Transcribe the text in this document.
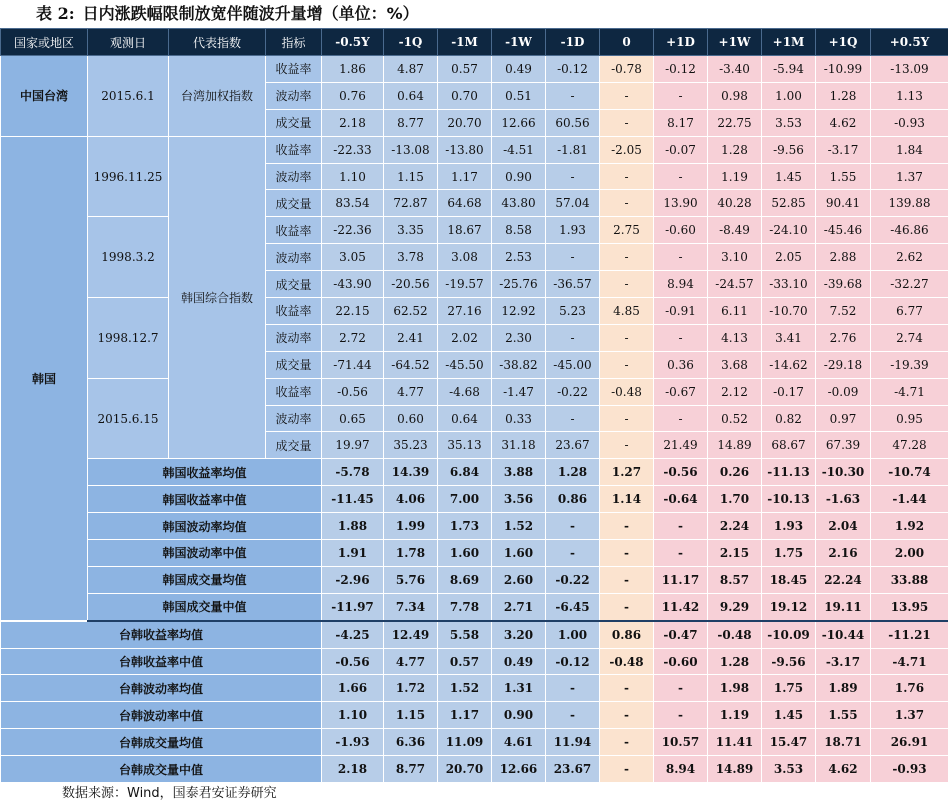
表 2: 日内涨跌幅限制放宽伴随波升量增（单位：%）
国家或地区	观测日	代表指数	指标	-0.5Y	-1Q	-1M	-1W	-1D	0	+1D	+1W	+1M	+1Q	+0.5Y
中国台湾	2015.6.1	台湾加权指数	收益率	1.86	4.87	0.57	0.49	-0.12	-0.78	-0.12	-3.40	-5.94	-10.99	-13.09
			波动率	0.76	0.64	0.70	0.51	-	-	-	0.98	1.00	1.28	1.13
			成交量	2.18	8.77	20.70	12.66	60.56	-	8.17	22.75	3.53	4.62	-0.93
韩国	1996.11.25	韩国综合指数	收益率	-22.33	-13.08	-13.80	-4.51	-1.81	-2.05	-0.07	1.28	-9.56	-3.17	1.84
			波动率	1.10	1.15	1.17	0.90	-	-	-	1.19	1.45	1.55	1.37
			成交量	83.54	72.87	64.68	43.80	57.04	-	13.90	40.28	52.85	90.41	139.88
	1998.3.2		收益率	-22.36	3.35	18.67	8.58	1.93	2.75	-0.60	-8.49	-24.10	-45.46	-46.86
			波动率	3.05	3.78	3.08	2.53	-	-	-	3.10	2.05	2.88	2.62
			成交量	-43.90	-20.56	-19.57	-25.76	-36.57	-	8.94	-24.57	-33.10	-39.68	-32.27
	1998.12.7		收益率	22.15	62.52	27.16	12.92	5.23	4.85	-0.91	6.11	-10.70	7.52	6.77
			波动率	2.72	2.41	2.02	2.30	-	-	-	4.13	3.41	2.76	2.74
			成交量	-71.44	-64.52	-45.50	-38.82	-45.00	-	0.36	3.68	-14.62	-29.18	-19.39
	2015.6.15		收益率	-0.56	4.77	-4.68	-1.47	-0.22	-0.48	-0.67	2.12	-0.17	-0.09	-4.71
			波动率	0.65	0.60	0.64	0.33	-	-	-	0.52	0.82	0.97	0.95
			成交量	19.97	35.23	35.13	31.18	23.67	-	21.49	14.89	68.67	67.39	47.28
	韩国收益率均值			-5.78	14.39	6.84	3.88	1.28	1.27	-0.56	0.26	-11.13	-10.30	-10.74
	韩国收益率中值			-11.45	4.06	7.00	3.56	0.86	1.14	-0.64	1.70	-10.13	-1.63	-1.44
	韩国波动率均值			1.88	1.99	1.73	1.52	-	-	-	2.24	1.93	2.04	1.92
	韩国波动率中值			1.91	1.78	1.60	1.60	-	-	-	2.15	1.75	2.16	2.00
	韩国成交量均值			-2.96	5.76	8.69	2.60	-0.22	-	11.17	8.57	18.45	22.24	33.88
	韩国成交量中值			-11.97	7.34	7.78	2.71	-6.45	-	11.42	9.29	19.12	19.11	13.95
台韩收益率均值				-4.25	12.49	5.58	3.20	1.00	0.86	-0.47	-0.48	-10.09	-10.44	-11.21
台韩收益率中值				-0.56	4.77	0.57	0.49	-0.12	-0.48	-0.60	1.28	-9.56	-3.17	-4.71
台韩波动率均值				1.66	1.72	1.52	1.31	-	-	-	1.98	1.75	1.89	1.76
台韩波动率中值				1.10	1.15	1.17	0.90	-	-	-	1.19	1.45	1.55	1.37
台韩成交量均值				-1.93	6.36	11.09	4.61	11.94	-	10.57	11.41	15.47	18.71	26.91
台韩成交量中值				2.18	8.77	20.70	12.66	23.67	-	8.94	14.89	3.53	4.62	-0.93
数据来源：Wind，国泰君安证券研究
